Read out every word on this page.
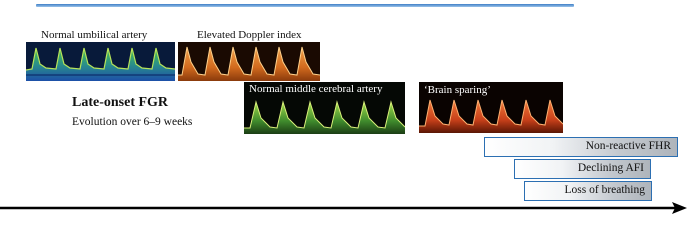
Normal umbilical artery	Elevated Doppler index
Late-onset FGR
Evolution over 6–9 weeks
Normal middle cerebral artery	‘Brain sparing’
Non-reactive FHR
Declining AFI
Loss of breathing
